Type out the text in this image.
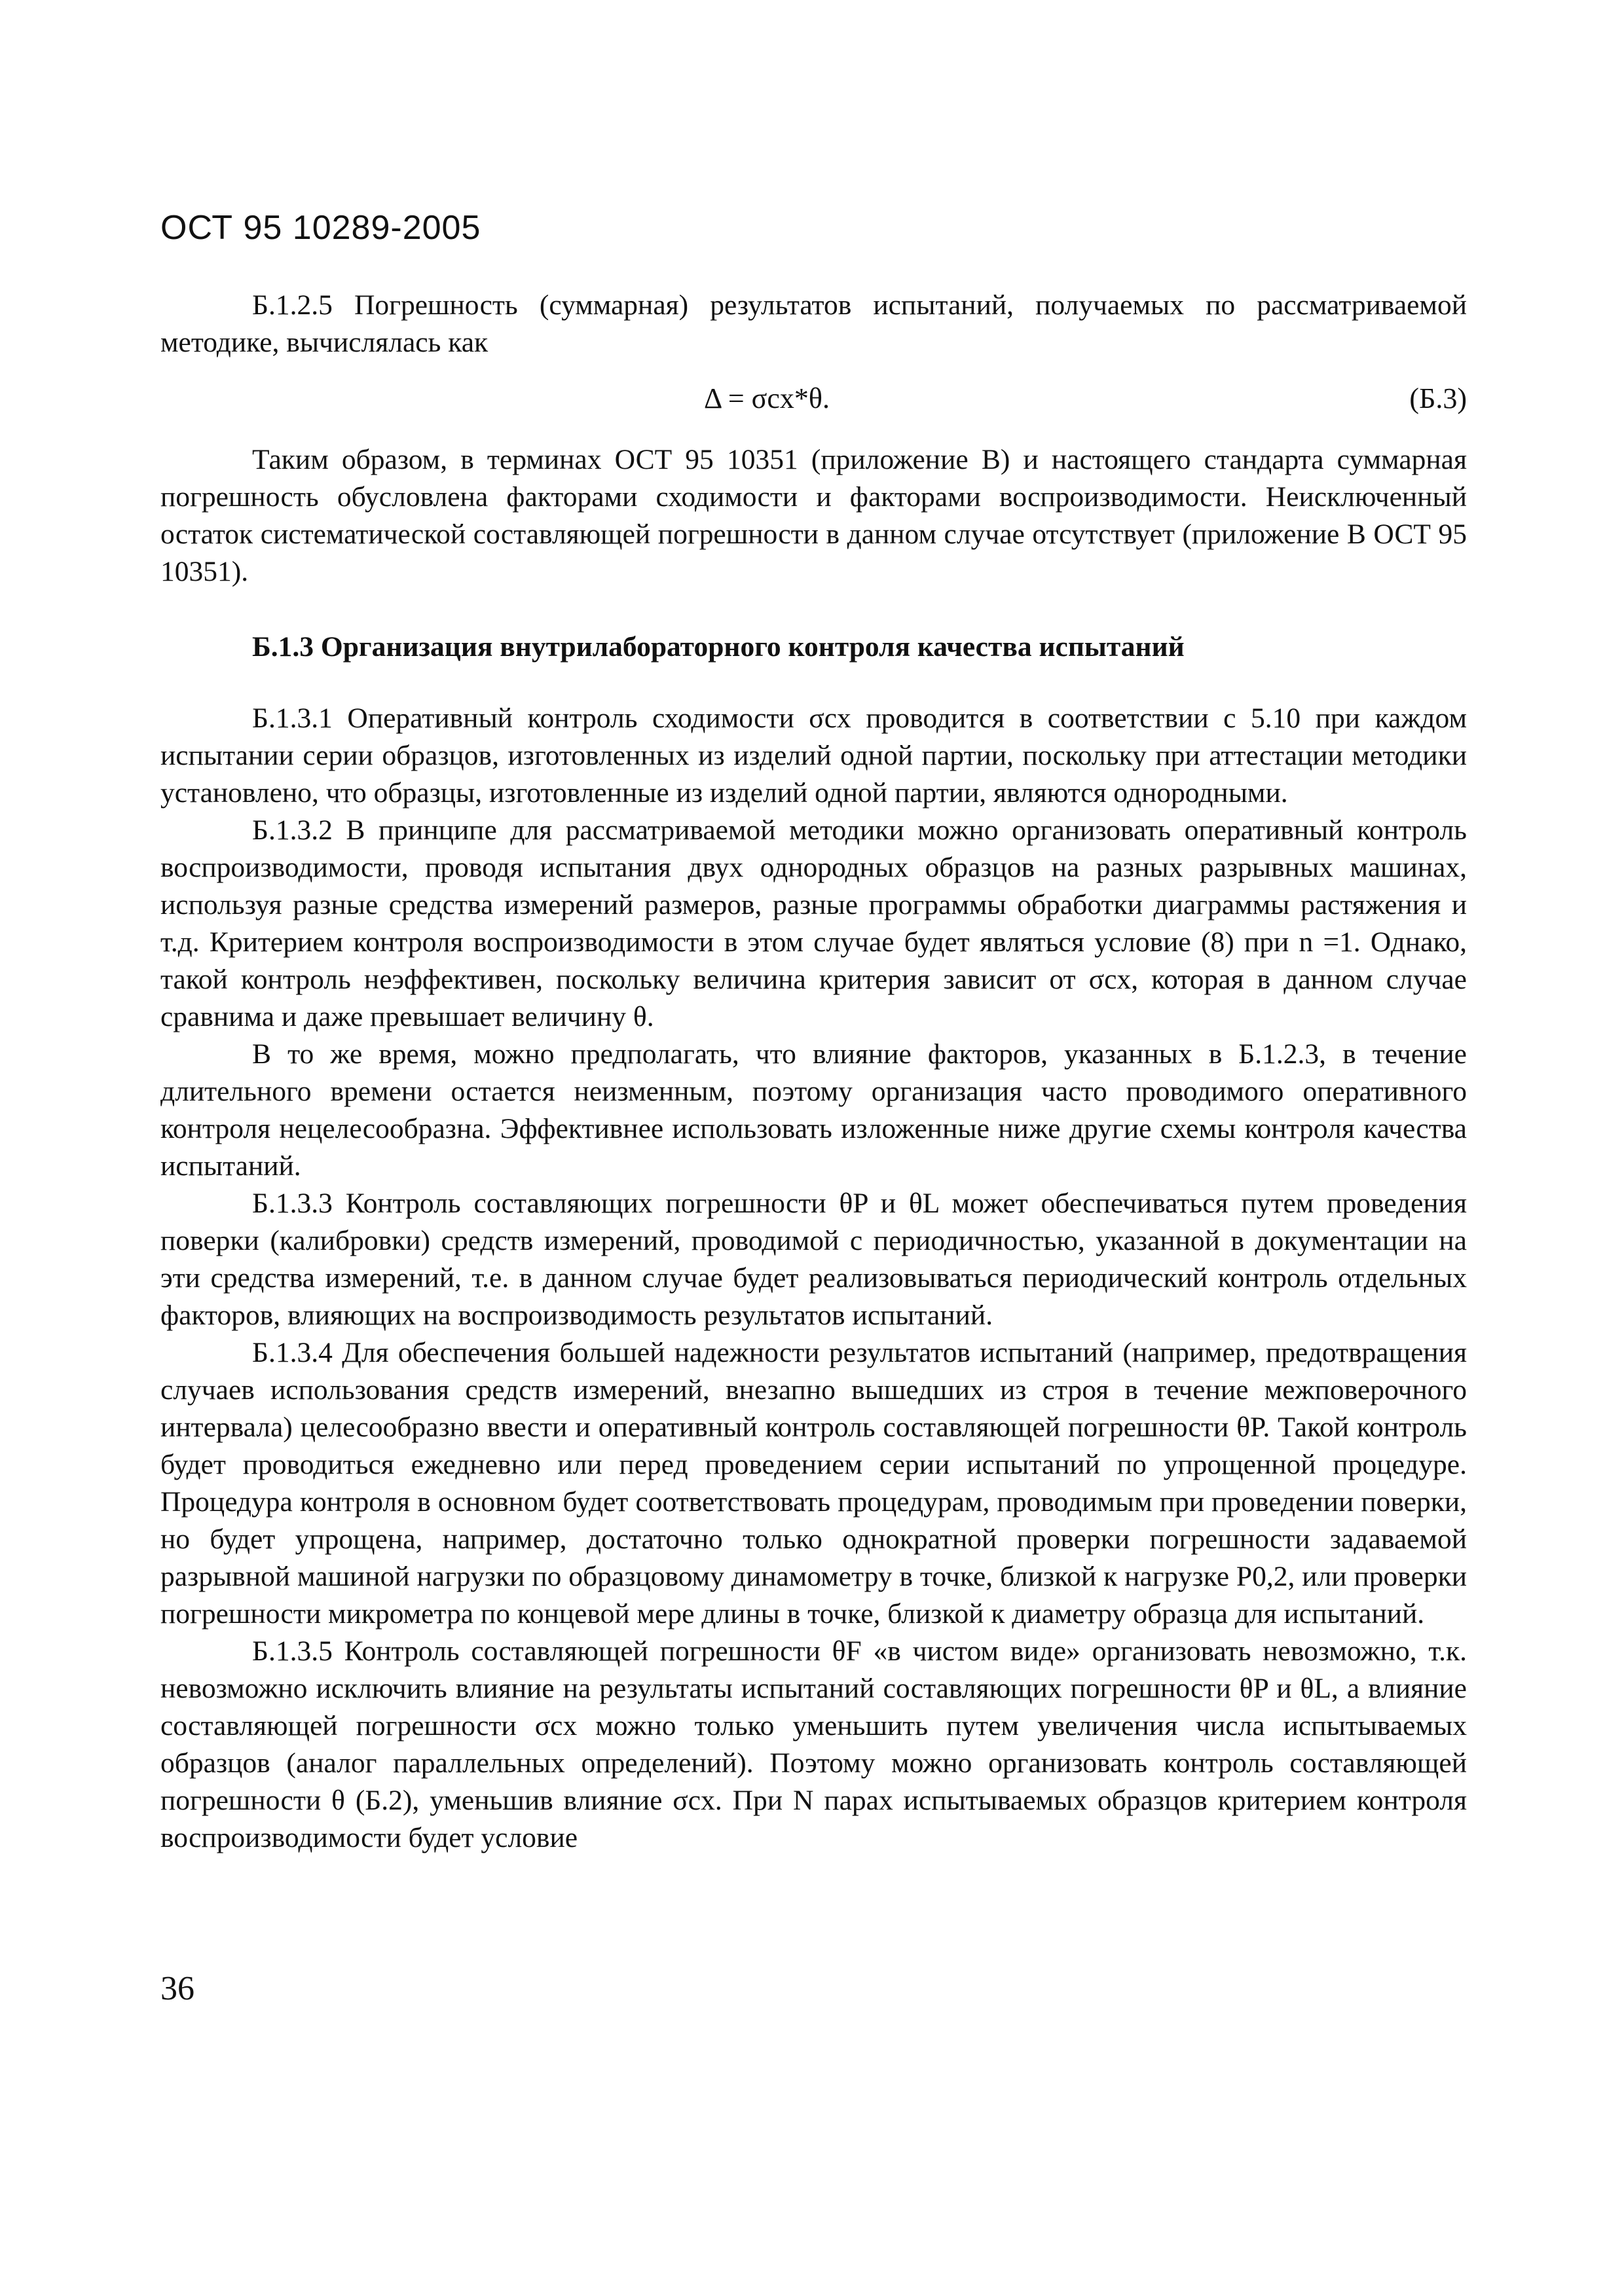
ОСТ 95 10289-2005

Б.1.2.5 Погрешность (суммарная) результатов испытаний, получаемых по рассматриваемой методике, вычислялась как

Δ = σcx*θ.	(Б.3)

Таким образом, в терминах ОСТ 95 10351 (приложение В) и настоящего стандарта суммарная погрешность обусловлена факторами сходимости и факторами воспроизводимости. Неисключенный остаток систематической составляющей погрешности в данном случае отсутствует (приложение В ОСТ 95 10351).

Б.1.3 Организация внутрилабораторного контроля качества испытаний

Б.1.3.1 Оперативный контроль сходимости σcx проводится в соответствии с 5.10 при каждом испытании серии образцов, изготовленных из изделий одной партии, поскольку при аттестации методики установлено, что образцы, изготовленные из изделий одной партии, являются однородными.

Б.1.3.2 В принципе для рассматриваемой методики можно организовать оперативный контроль воспроизводимости, проводя испытания двух однородных образцов на разных разрывных машинах, используя разные средства измерений размеров, разные программы обработки диаграммы растяжения и т.д. Критерием контроля воспроизводимости в этом случае будет являться условие (8) при n =1. Однако, такой контроль неэффективен, поскольку величина критерия зависит от σcx, которая в данном случае сравнима и даже превышает величину θ.

В то же время, можно предполагать, что влияние факторов, указанных в Б.1.2.3, в течение длительного времени остается неизменным, поэтому организация часто проводимого оперативного контроля нецелесообразна. Эффективнее использовать изложенные ниже другие схемы контроля качества испытаний.

Б.1.3.3 Контроль составляющих погрешности θP и θL может обеспечиваться путем проведения поверки (калибровки) средств измерений, проводимой с периодичностью, указанной в документации на эти средства измерений, т.е. в данном случае будет реализовываться периодический контроль отдельных факторов, влияющих на воспроизводимость результатов испытаний.

Б.1.3.4 Для обеспечения большей надежности результатов испытаний (например, предотвращения случаев использования средств измерений, внезапно вышедших из строя в течение межповерочного интервала) целесообразно ввести и оперативный контроль составляющей погрешности θP. Такой контроль будет проводиться ежедневно или перед проведением серии испытаний по упрощенной процедуре. Процедура контроля в основном будет соответствовать процедурам, проводимым при проведении поверки, но будет упрощена, например, достаточно только однократной проверки погрешности задаваемой разрывной машиной нагрузки по образцовому динамометру в точке, близкой к нагрузке P0,2, или проверки погрешности микрометра по концевой мере длины в точке, близкой к диаметру образца для испытаний.

Б.1.3.5 Контроль составляющей погрешности θF «в чистом виде» организовать невозможно, т.к. невозможно исключить влияние на результаты испытаний составляющих погрешности θP и θL, а влияние составляющей погрешности σcx можно только уменьшить путем увеличения числа испытываемых образцов (аналог параллельных определений). Поэтому можно организовать контроль составляющей погрешности θ (Б.2), уменьшив влияние σcx. При N парах испытываемых образцов критерием контроля воспроизводимости будет условие

36
